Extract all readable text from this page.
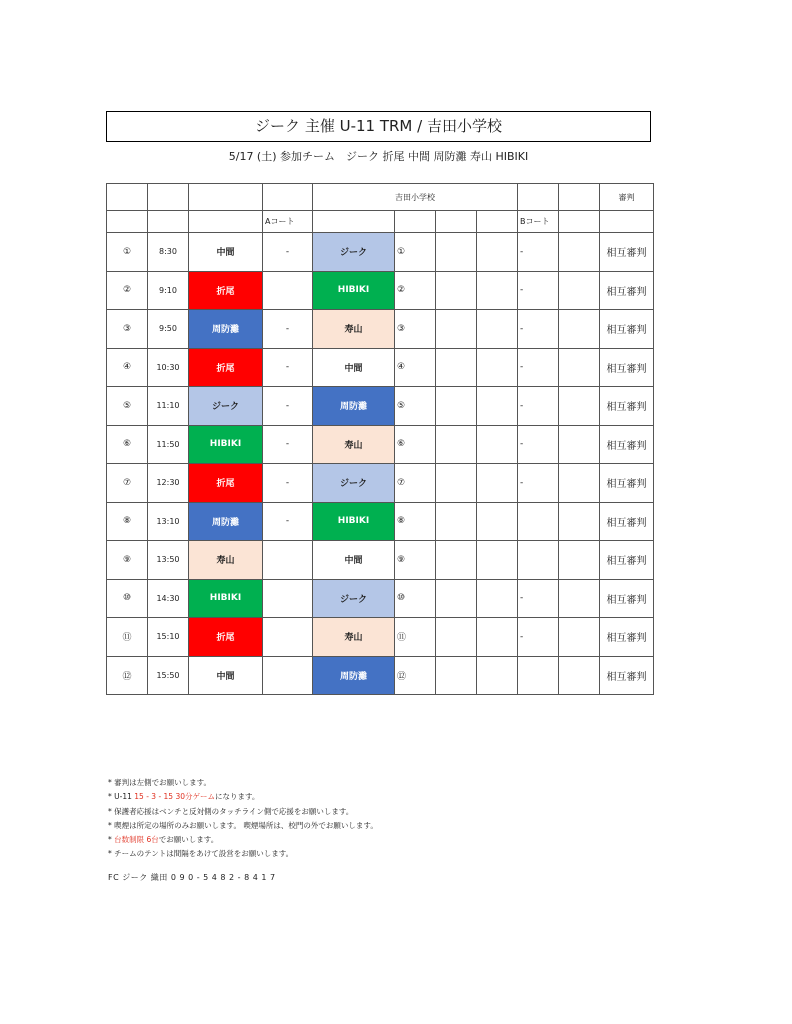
ジーク 主催 U-11 TRM / 吉田小学校
5/17 (土) 参加チーム　ジーク 折尾 中間 周防灘 寿山 HIBIKI
				吉田小学校						審判
			Aコート					Bコート		
①	8:30	中間	-	ジーク	①			-		相互審判
②	9:10	折尾		HIBIKI	②			-		相互審判
③	9:50	周防灘	-	寿山	③			-		相互審判
④	10:30	折尾	-	中間	④			-		相互審判
⑤	11:10	ジーク	-	周防灘	⑤			-		相互審判
⑥	11:50	HIBIKI	-	寿山	⑥			-		相互審判
⑦	12:30	折尾	-	ジーク	⑦			-		相互審判
⑧	13:10	周防灘	-	HIBIKI	⑧					相互審判
⑨	13:50	寿山		中間	⑨					相互審判
⑩	14:30	HIBIKI		ジーク	⑩			-		相互審判
⑪	15:10	折尾		寿山	⑪			-		相互審判
⑫	15:50	中間		周防灘	⑫					相互審判
* 審判は左側でお願いします。
* U-11 15 - 3 - 15 30分ゲームになります。
* 保護者応援はベンチと反対側のタッチライン側で応援をお願いします。
* 喫煙は所定の場所のみお願いします。 喫煙場所は、校門の外でお願いします。
* 台数制限 6台でお願いします。
* チームのテントは間隔をあけて設営をお願いします。
FC ジーク 織田 0 9 0 - 5 4 8 2 - 8 4 1 7
